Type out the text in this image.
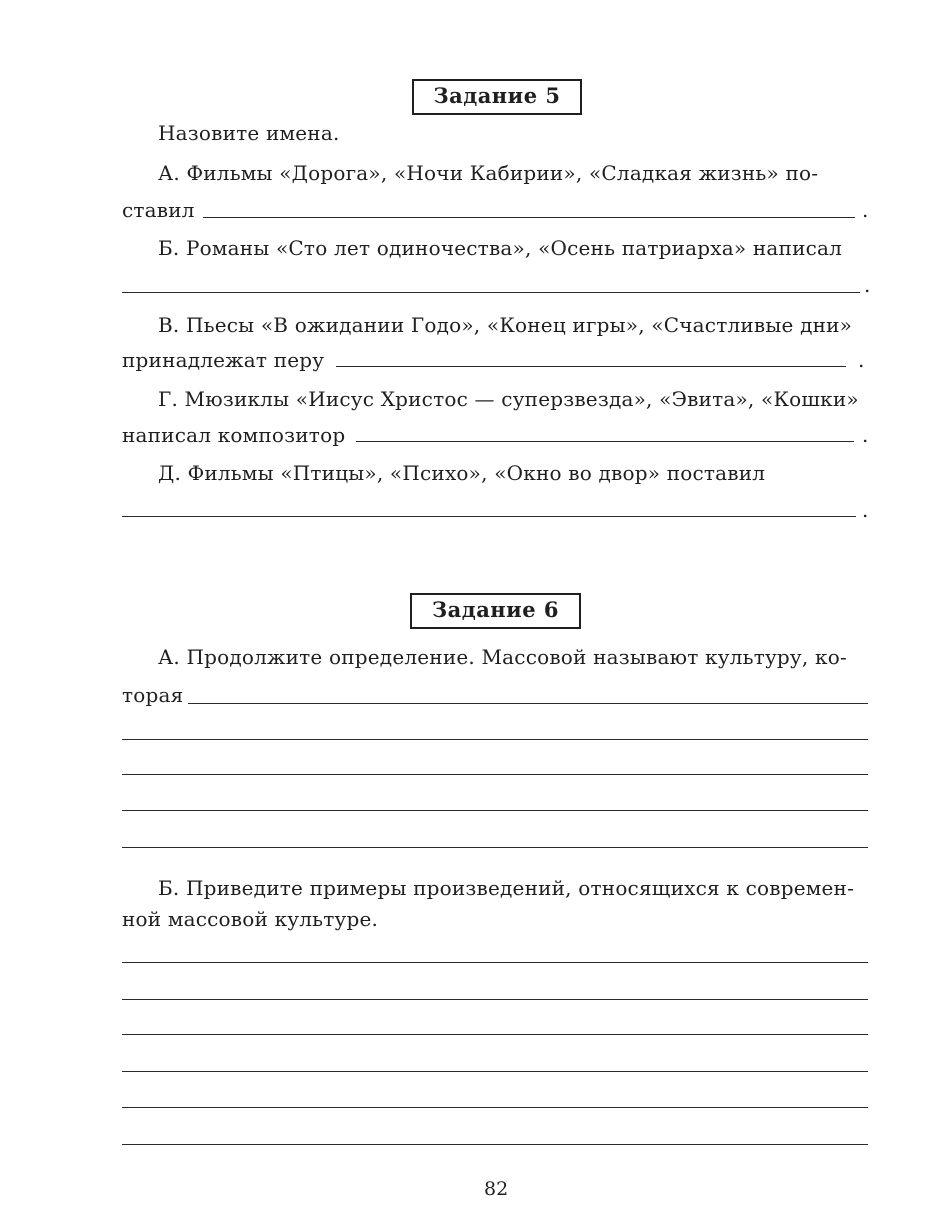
Задание 5
Назовите имена.
А. Фильмы «Дорога», «Ночи Кабирии», «Сладкая жизнь» по-
ставил	.
Б. Романы «Сто лет одиночества», «Осень патриарха» написал
.
В. Пьесы «В ожидании Годо», «Конец игры», «Счастливые дни»
принадлежат перу	.
Г. Мюзиклы «Иисус Христос — суперзвезда», «Эвита», «Кошки»
написал композитор	.
Д. Фильмы «Птицы», «Психо», «Окно во двор» поставил
.
Задание 6
А. Продолжите определение. Массовой называют культуру, ко-
торая
Б. Приведите примеры произведений, относящихся к современ-
ной массовой культуре.
82
